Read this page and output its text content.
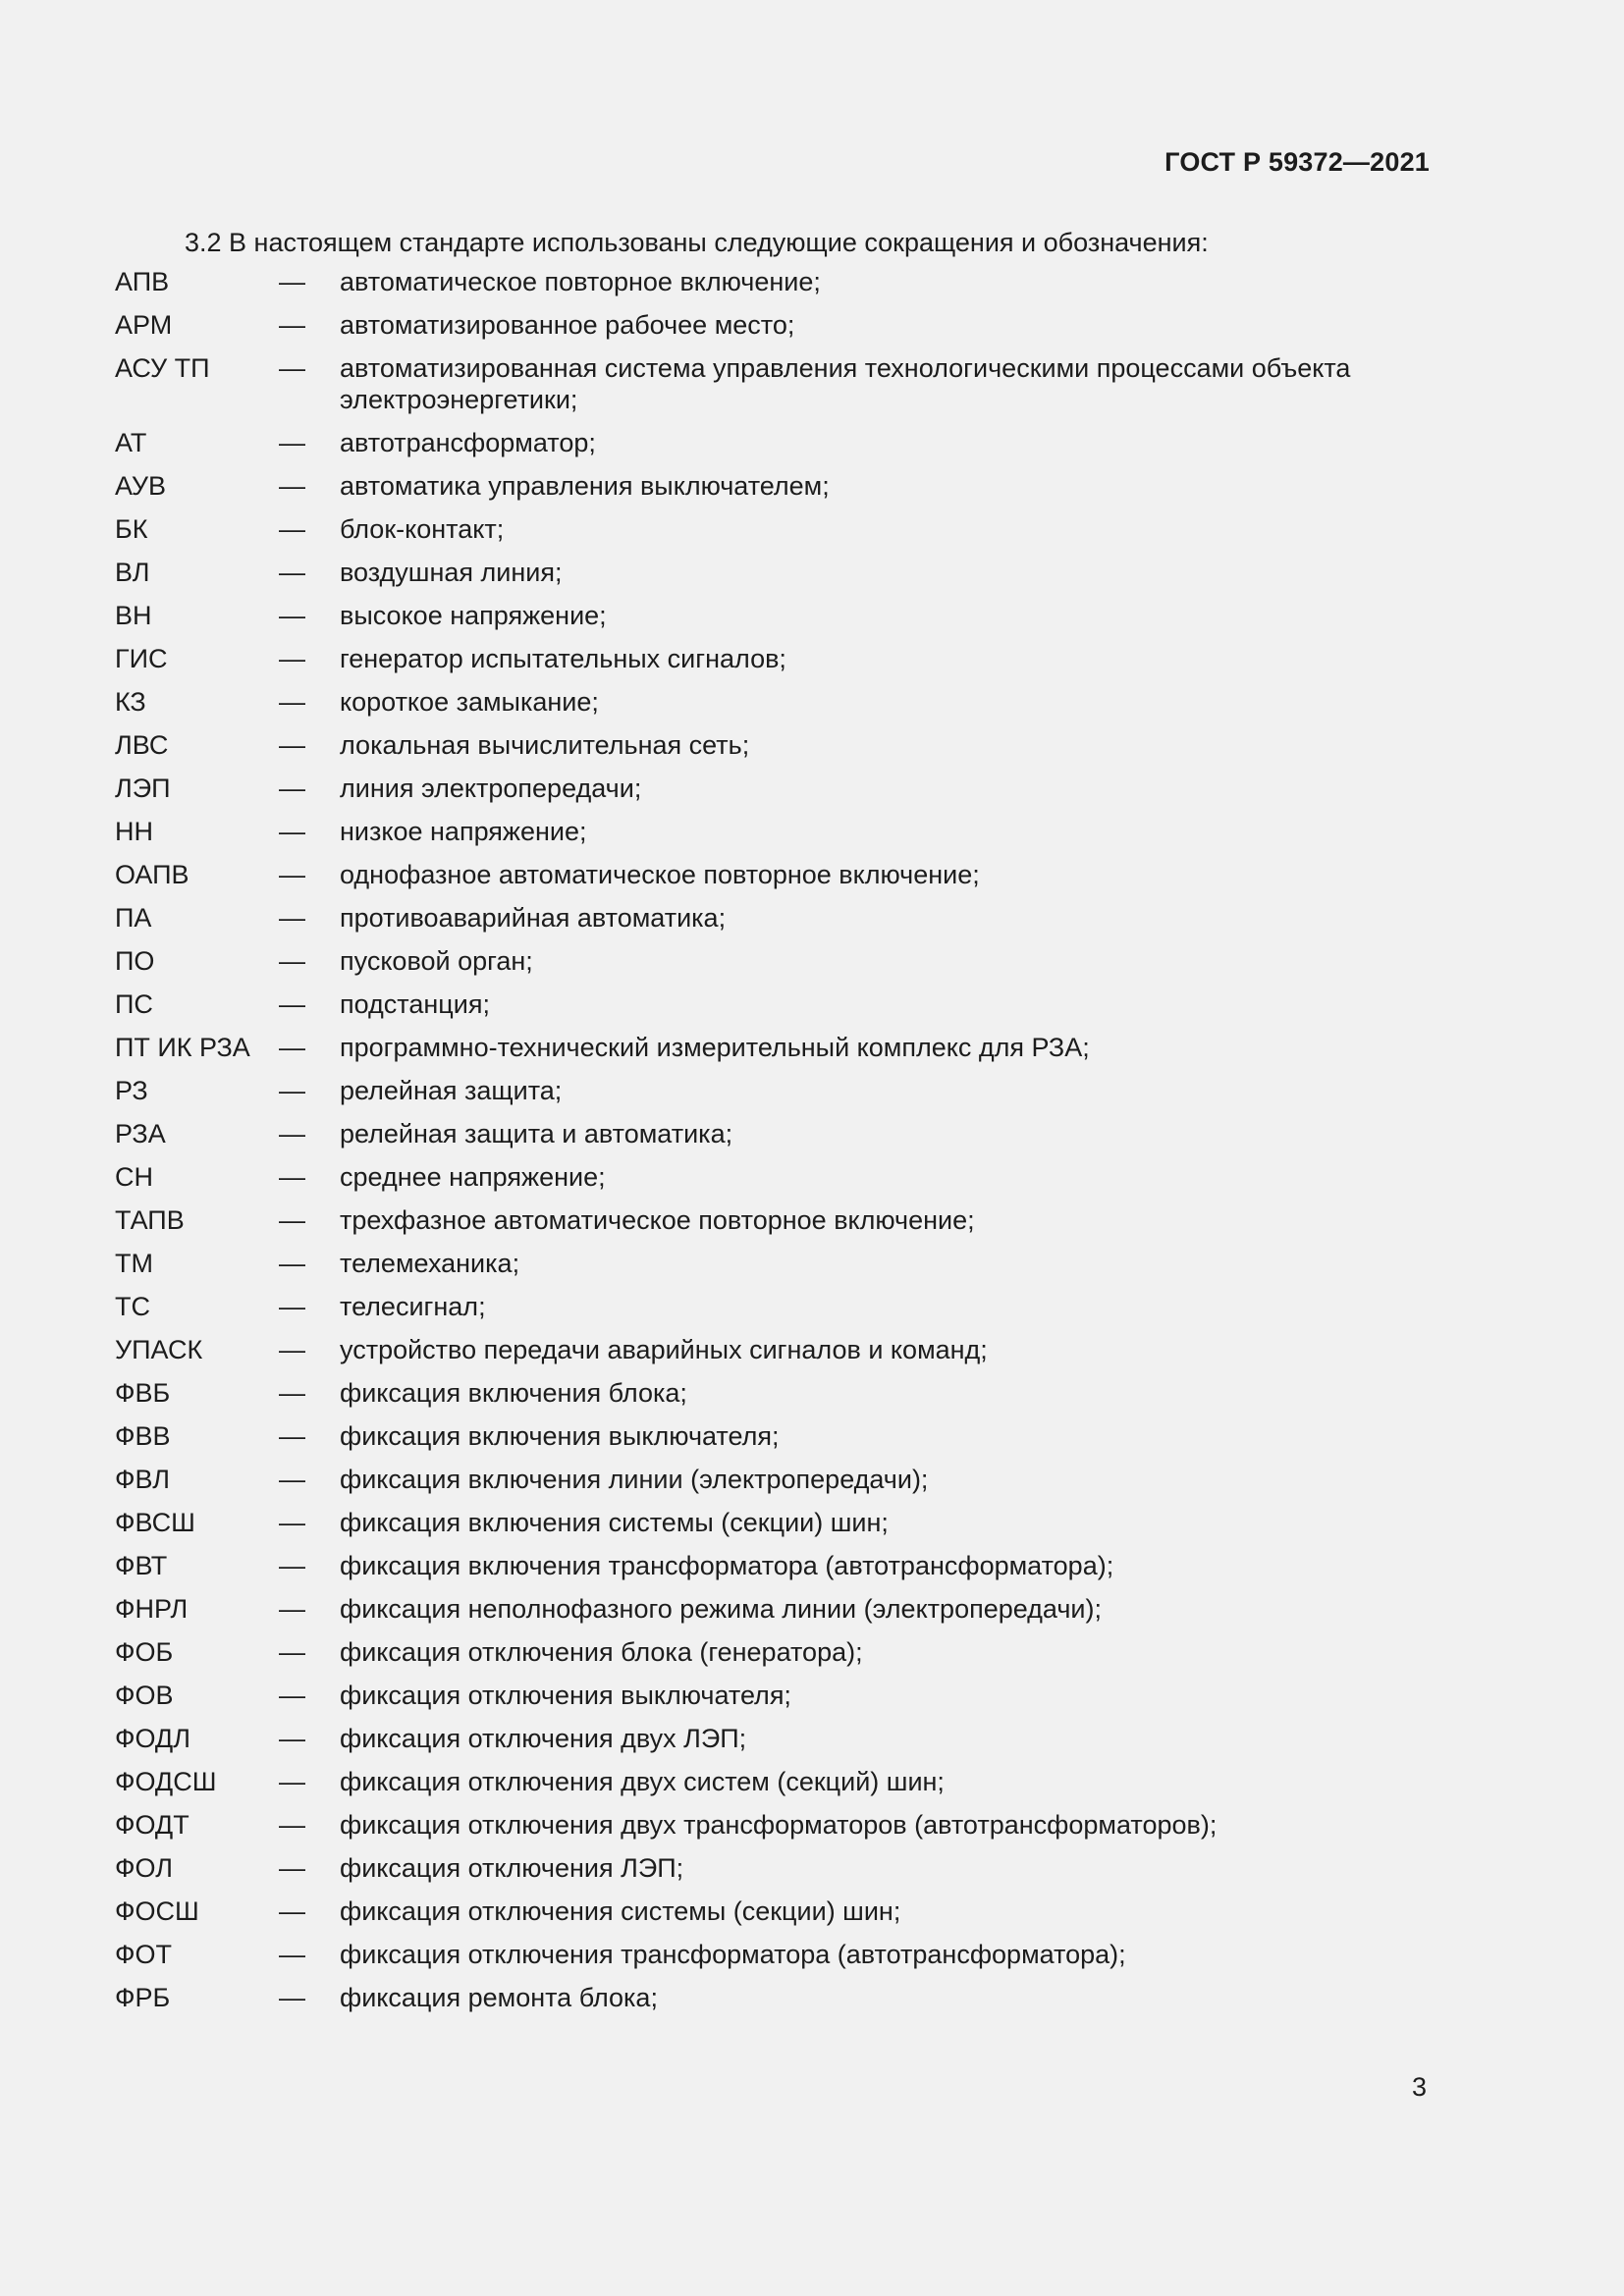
ГОСТ Р 59372—2021
3.2 В настоящем стандарте использованы следующие сокращения и обозначения:
АПВ	—	автоматическое повторное включение;
АРМ	—	автоматизированное рабочее место;
АСУ ТП	—	автоматизированная система управления технологическими процессами объекта электроэнергетики;
АТ	—	автотрансформатор;
АУВ	—	автоматика управления выключателем;
БК	—	блок-контакт;
ВЛ	—	воздушная линия;
ВН	—	высокое напряжение;
ГИС	—	генератор испытательных сигналов;
КЗ	—	короткое замыкание;
ЛВС	—	локальная вычислительная сеть;
ЛЭП	—	линия электропередачи;
НН	—	низкое напряжение;
ОАПВ	—	однофазное автоматическое повторное включение;
ПА	—	противоаварийная автоматика;
ПО	—	пусковой орган;
ПС	—	подстанция;
ПТ ИК РЗА	—	программно-технический измерительный комплекс для РЗА;
РЗ	—	релейная защита;
РЗА	—	релейная защита и автоматика;
СН	—	среднее напряжение;
ТАПВ	—	трехфазное автоматическое повторное включение;
ТМ	—	телемеханика;
ТС	—	телесигнал;
УПАСК	—	устройство передачи аварийных сигналов и команд;
ФВБ	—	фиксация включения блока;
ФВВ	—	фиксация включения выключателя;
ФВЛ	—	фиксация включения линии (электропередачи);
ФВСШ	—	фиксация включения системы (секции) шин;
ФВТ	—	фиксация включения трансформатора (автотрансформатора);
ФНРЛ	—	фиксация неполнофазного режима линии (электропередачи);
ФОБ	—	фиксация отключения блока (генератора);
ФОВ	—	фиксация отключения выключателя;
ФОДЛ	—	фиксация отключения двух ЛЭП;
ФОДСШ	—	фиксация отключения двух систем (секций) шин;
ФОДТ	—	фиксация отключения двух трансформаторов (автотрансформаторов);
ФОЛ	—	фиксация отключения ЛЭП;
ФОСШ	—	фиксация отключения системы (секции) шин;
ФОТ	—	фиксация отключения трансформатора (автотрансформатора);
ФРБ	—	фиксация ремонта блока;
3
